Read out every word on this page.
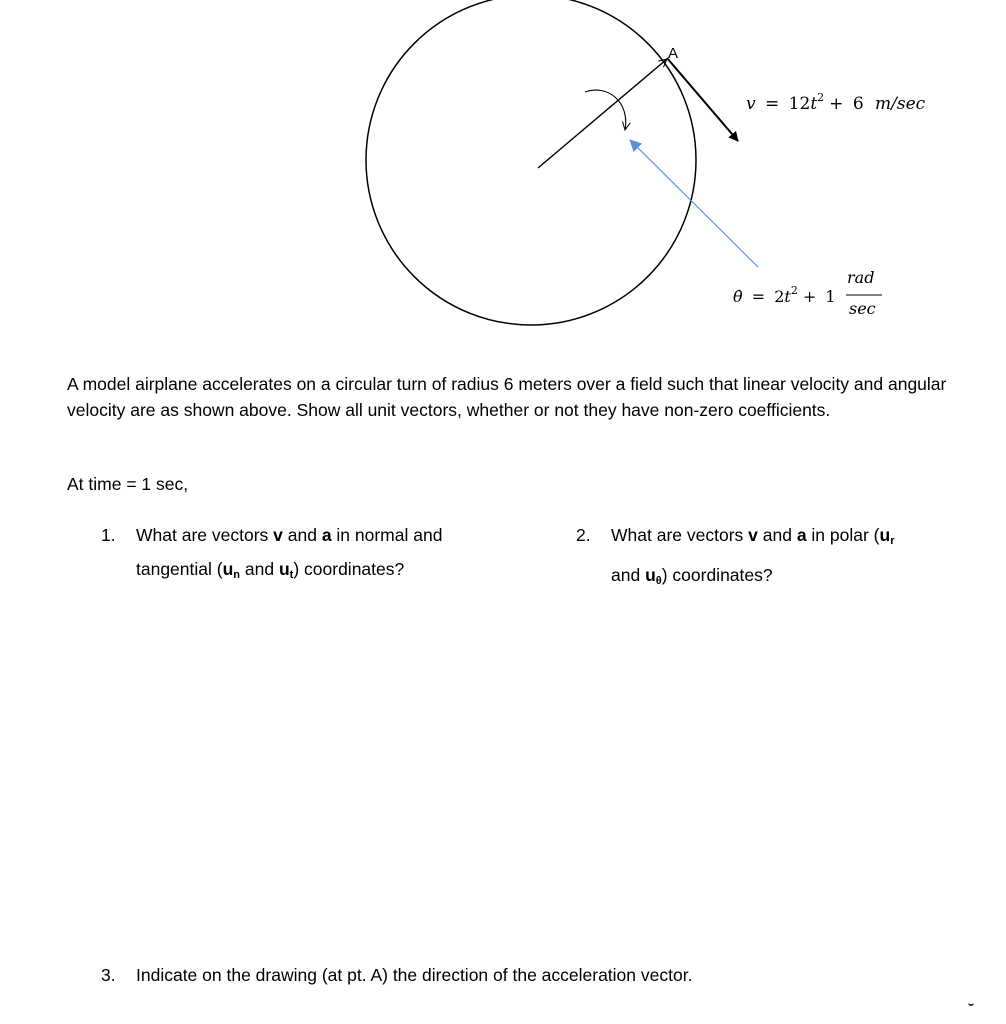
A
$v = 12t^2 + 6$ m/sec
θ̇ = $2t^2 + 1$
rad
sec
A model airplane accelerates on a circular turn of radius 6 meters over a field such that linear velocity and angular velocity are as shown above. Show all unit vectors, whether or not they have non-zero coefficients.
At time = 1 sec,
1. What are vectors v and a in normal and
tangential ($u_n$ and $u_t$) coordinates?
2. What are vectors v and a in polar ($u_r$
and $u_\theta$) coordinates?
3. Indicate on the drawing (at pt. A) the direction of the acceleration vector.
